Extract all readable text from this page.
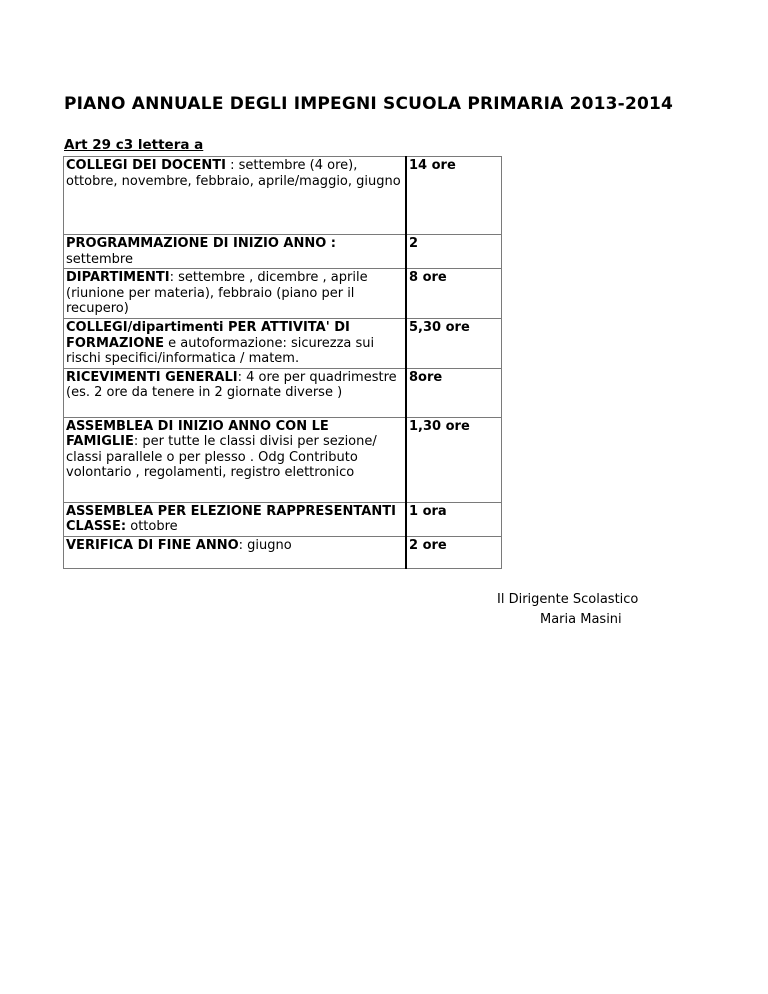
PIANO ANNUALE DEGLI IMPEGNI SCUOLA PRIMARIA 2013-2014
Art 29 c3 lettera a
COLLEGI DEI DOCENTI : settembre (4 ore), ottobre, novembre, febbraio, aprile/maggio, giugno	14 ore
PROGRAMMAZIONE DI INIZIO ANNO : settembre	2
DIPARTIMENTI: settembre , dicembre , aprile (riunione per materia), febbraio (piano per il recupero)	8 ore
COLLEGI/dipartimenti PER ATTIVITA' DI FORMAZIONE e autoformazione: sicurezza sui rischi specifici/informatica / matem.	5,30 ore
RICEVIMENTI GENERALI: 4 ore per quadrimestre (es. 2 ore da tenere in 2 giornate diverse )	8ore
ASSEMBLEA DI INIZIO ANNO CON LE FAMIGLIE: per tutte le classi divisi per sezione/ classi parallele o per plesso . Odg Contributo volontario , regolamenti, registro elettronico	1,30 ore
ASSEMBLEA PER ELEZIONE RAPPRESENTANTI CLASSE: ottobre	1 ora
VERIFICA DI FINE ANNO: giugno	2 ore
Il Dirigente Scolastico
Maria Masini
